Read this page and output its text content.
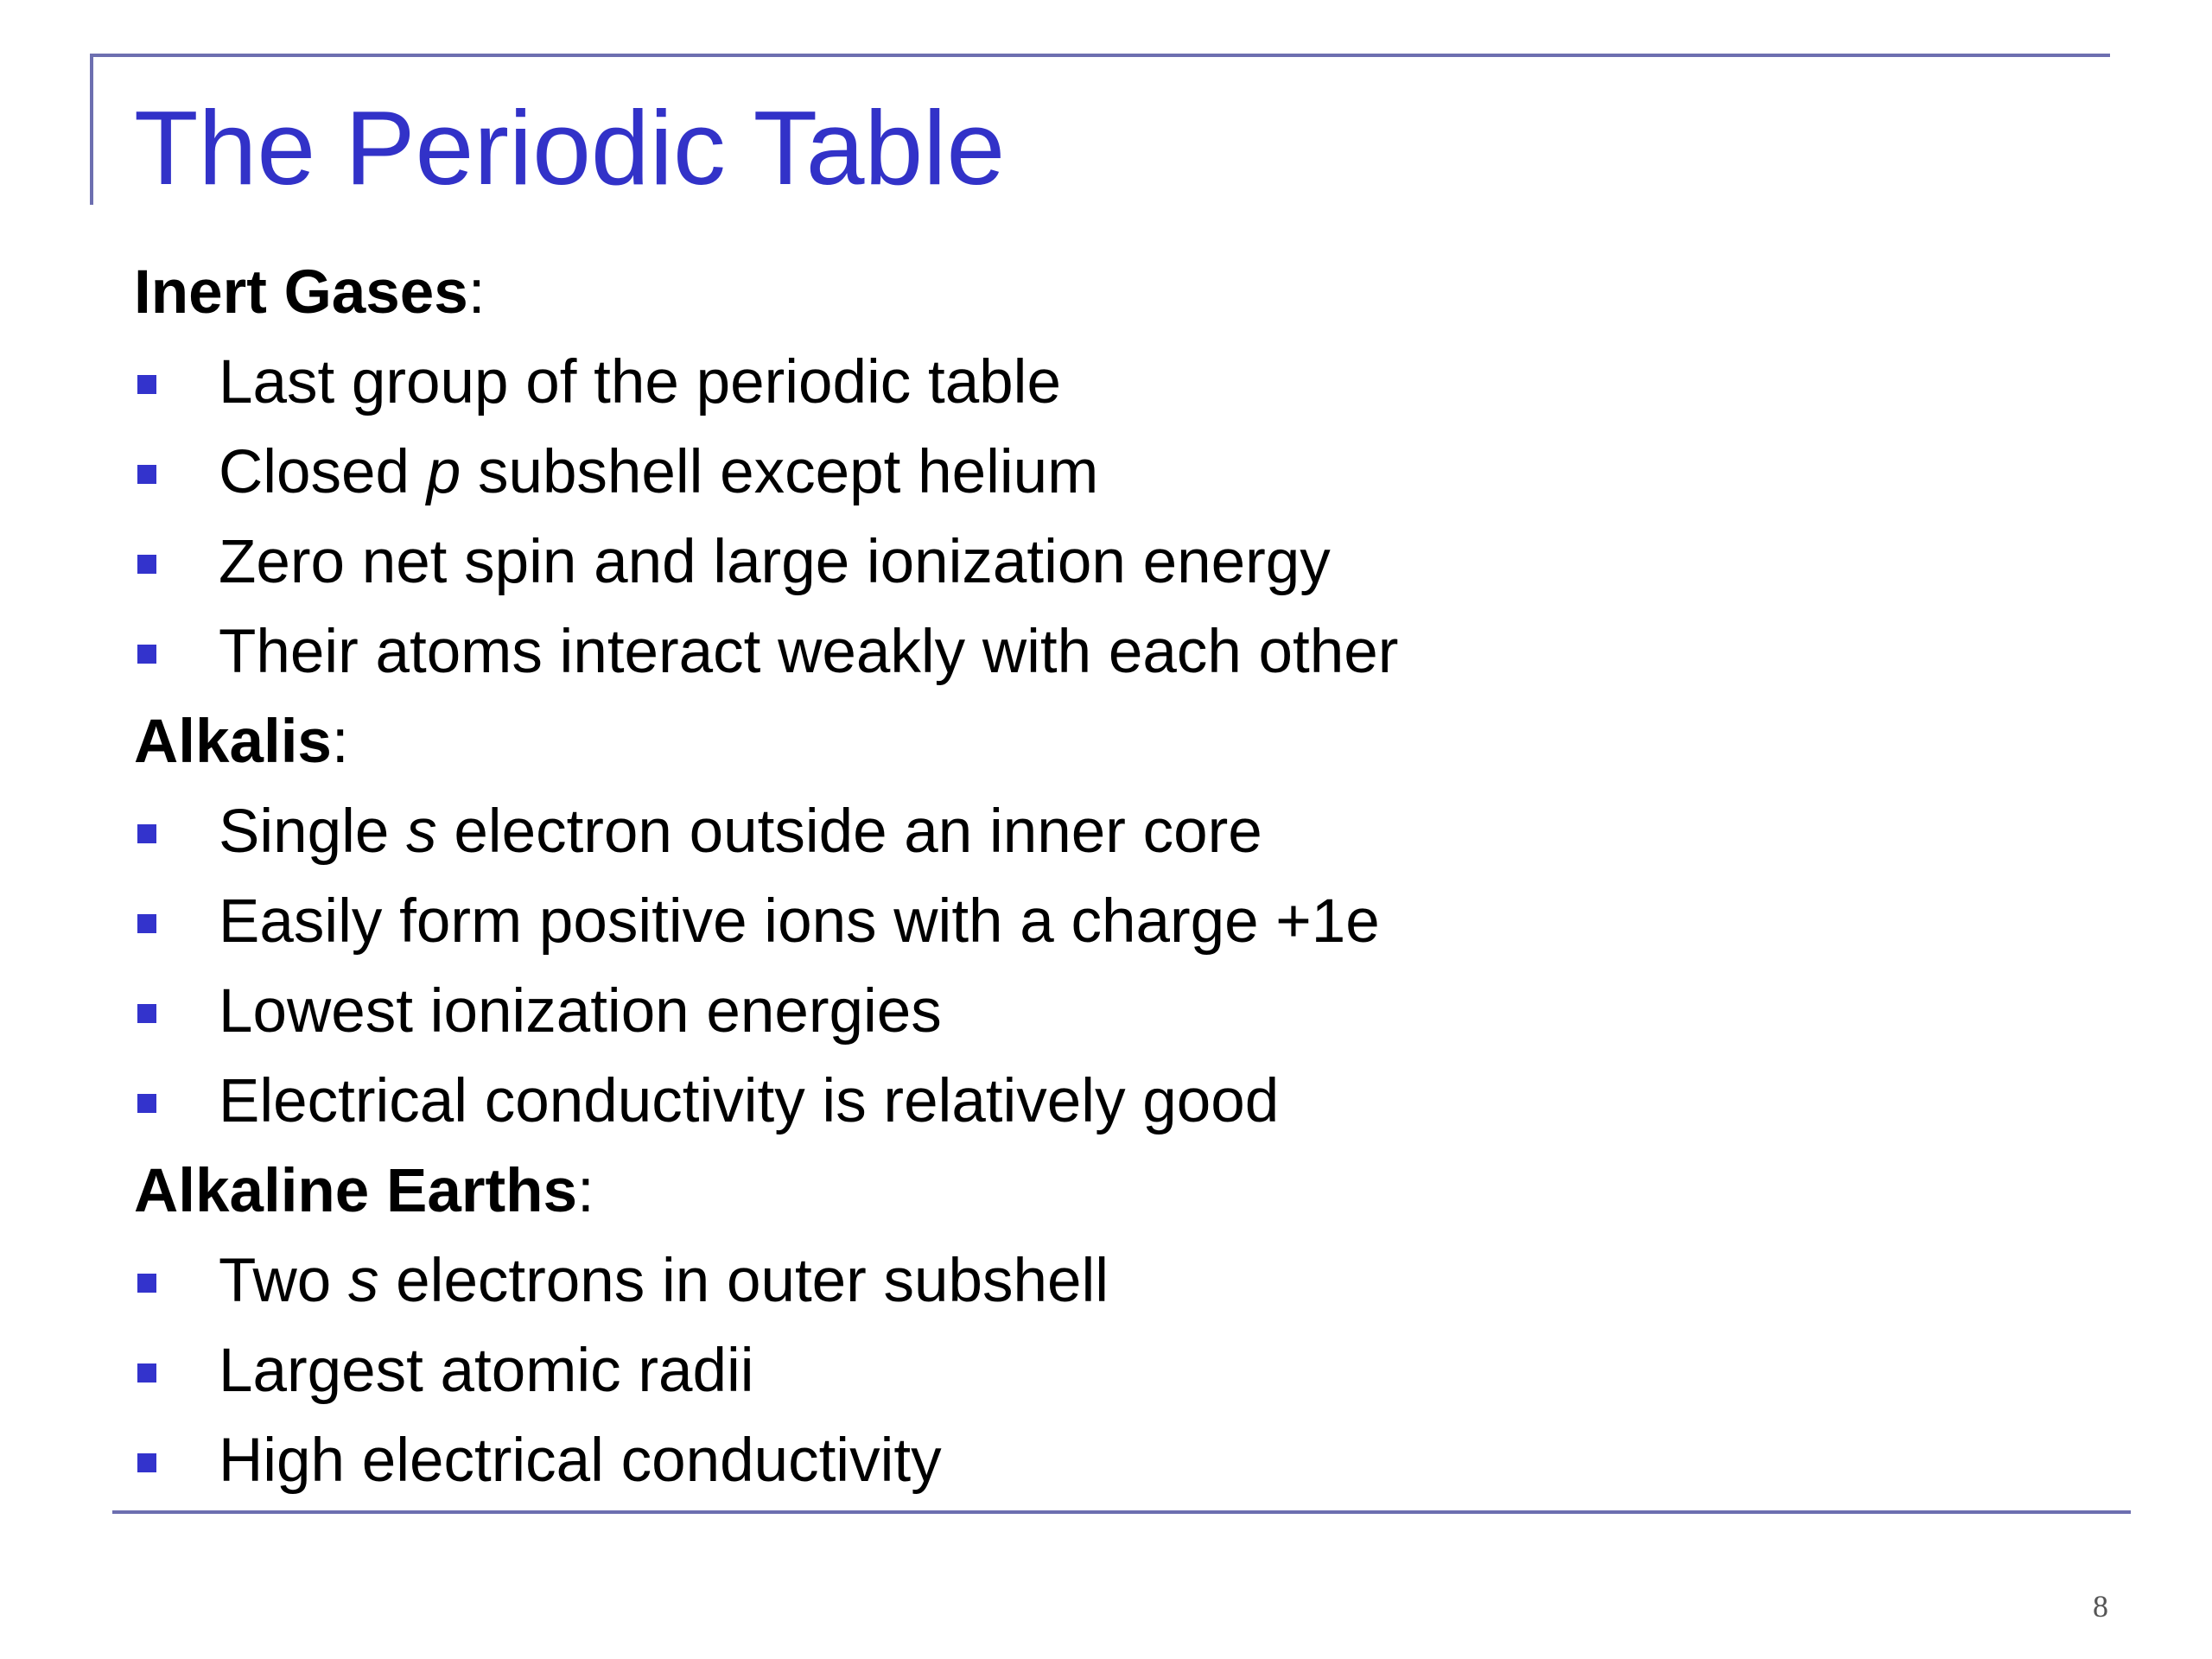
The Periodic Table
Inert Gases:
Last group of the periodic table
Closed p subshell except helium
Zero net spin and large ionization energy
Their atoms interact weakly with each other
Alkalis:
Single s electron outside an inner core
Easily form positive ions with a charge +1e
Lowest ionization energies
Electrical conductivity is relatively good
Alkaline Earths:
Two s electrons in outer subshell
Largest atomic radii
High electrical conductivity
8
